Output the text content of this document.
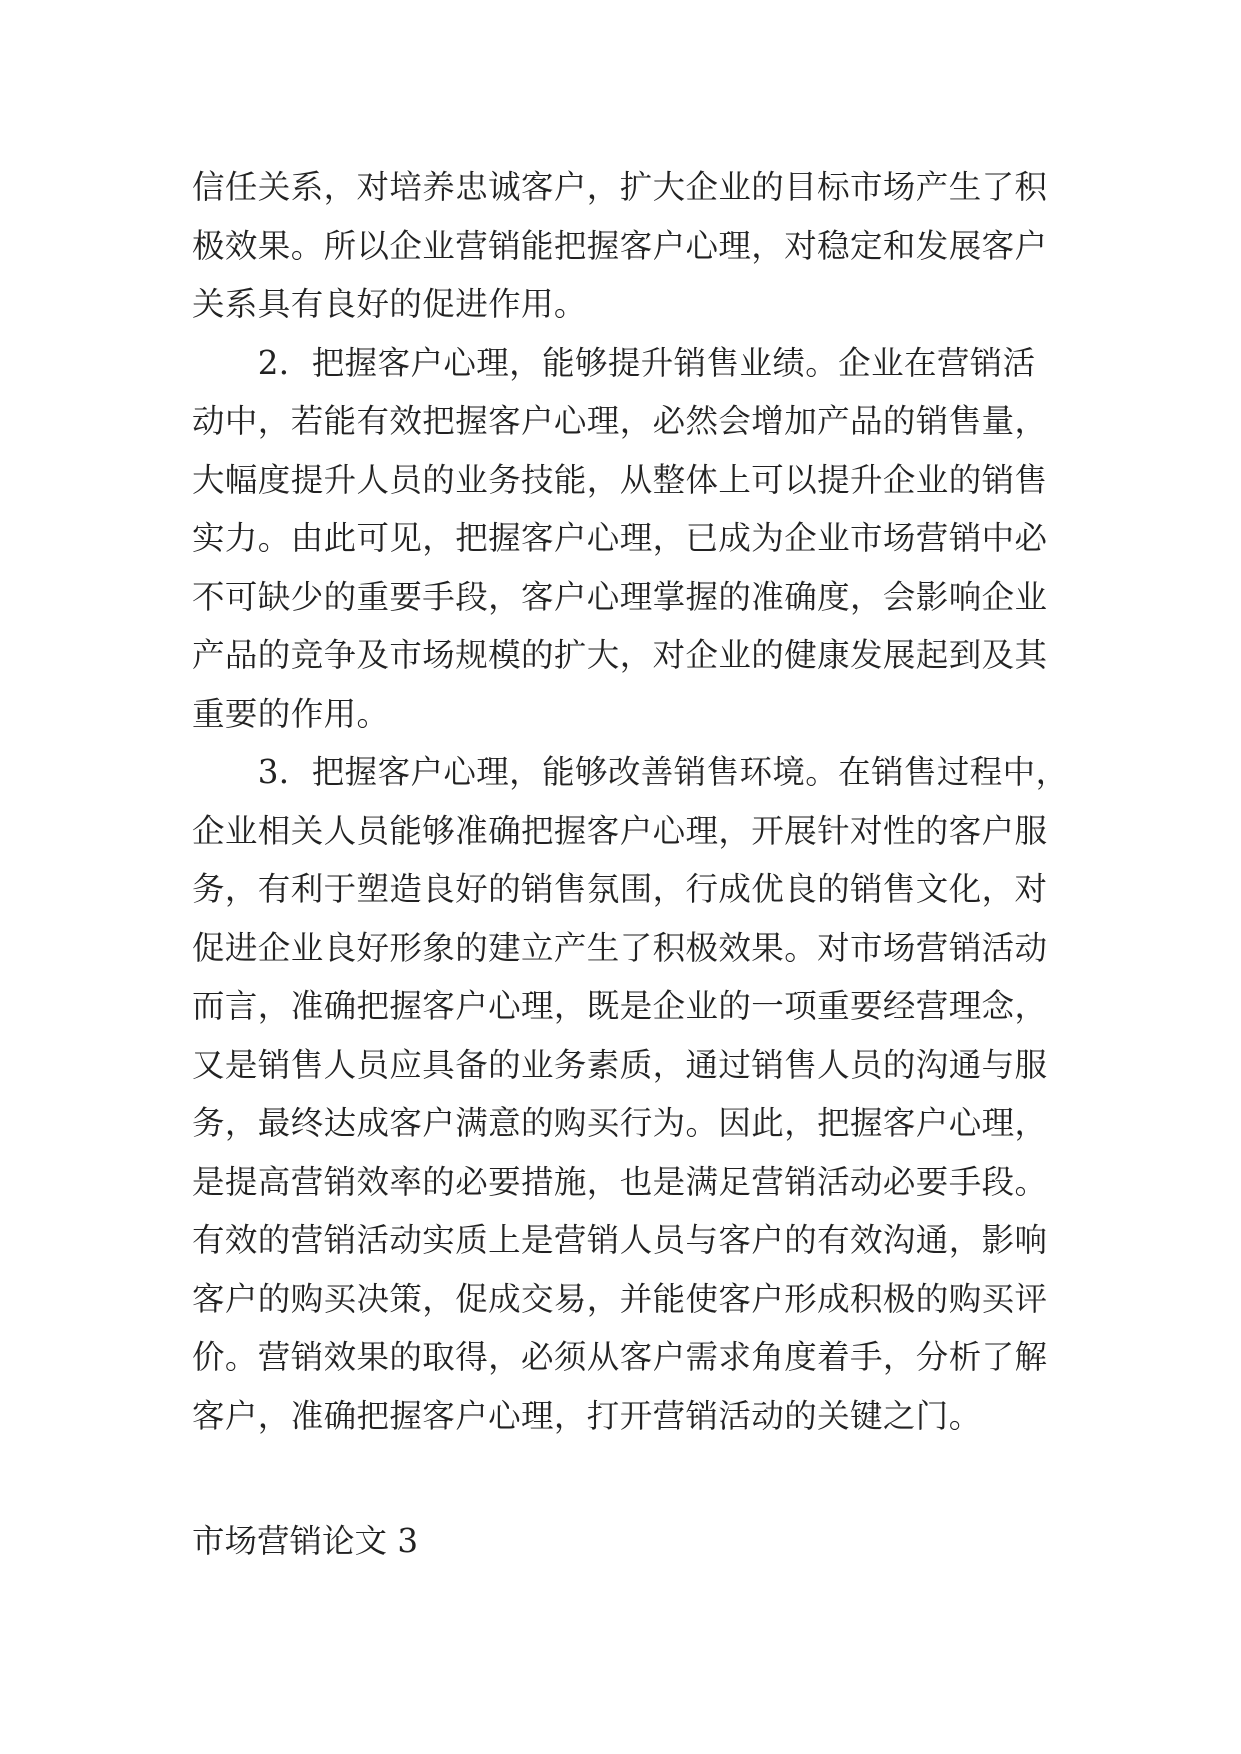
信任关系，对培养忠诚客户，扩大企业的目标市场产生了积
极效果。所以企业营销能把握客户心理，对稳定和发展客户
关系具有良好的促进作用。
　　2．把握客户心理，能够提升销售业绩。企业在营销活
动中，若能有效把握客户心理，必然会增加产品的销售量，
大幅度提升人员的业务技能，从整体上可以提升企业的销售
实力。由此可见，把握客户心理，已成为企业市场营销中必
不可缺少的重要手段，客户心理掌握的准确度，会影响企业
产品的竞争及市场规模的扩大，对企业的健康发展起到及其
重要的作用。
　　3．把握客户心理，能够改善销售环境。在销售过程中，
企业相关人员能够准确把握客户心理，开展针对性的客户服
务，有利于塑造良好的销售氛围，行成优良的销售文化，对
促进企业良好形象的建立产生了积极效果。对市场营销活动
而言，准确把握客户心理，既是企业的一项重要经营理念，
又是销售人员应具备的业务素质，通过销售人员的沟通与服
务，最终达成客户满意的购买行为。因此，把握客户心理，
是提高营销效率的必要措施，也是满足营销活动必要手段。
有效的营销活动实质上是营销人员与客户的有效沟通，影响
客户的购买决策，促成交易，并能使客户形成积极的购买评
价。营销效果的取得，必须从客户需求角度着手，分析了解
客户，准确把握客户心理，打开营销活动的关键之门。
市场营销论文 3
